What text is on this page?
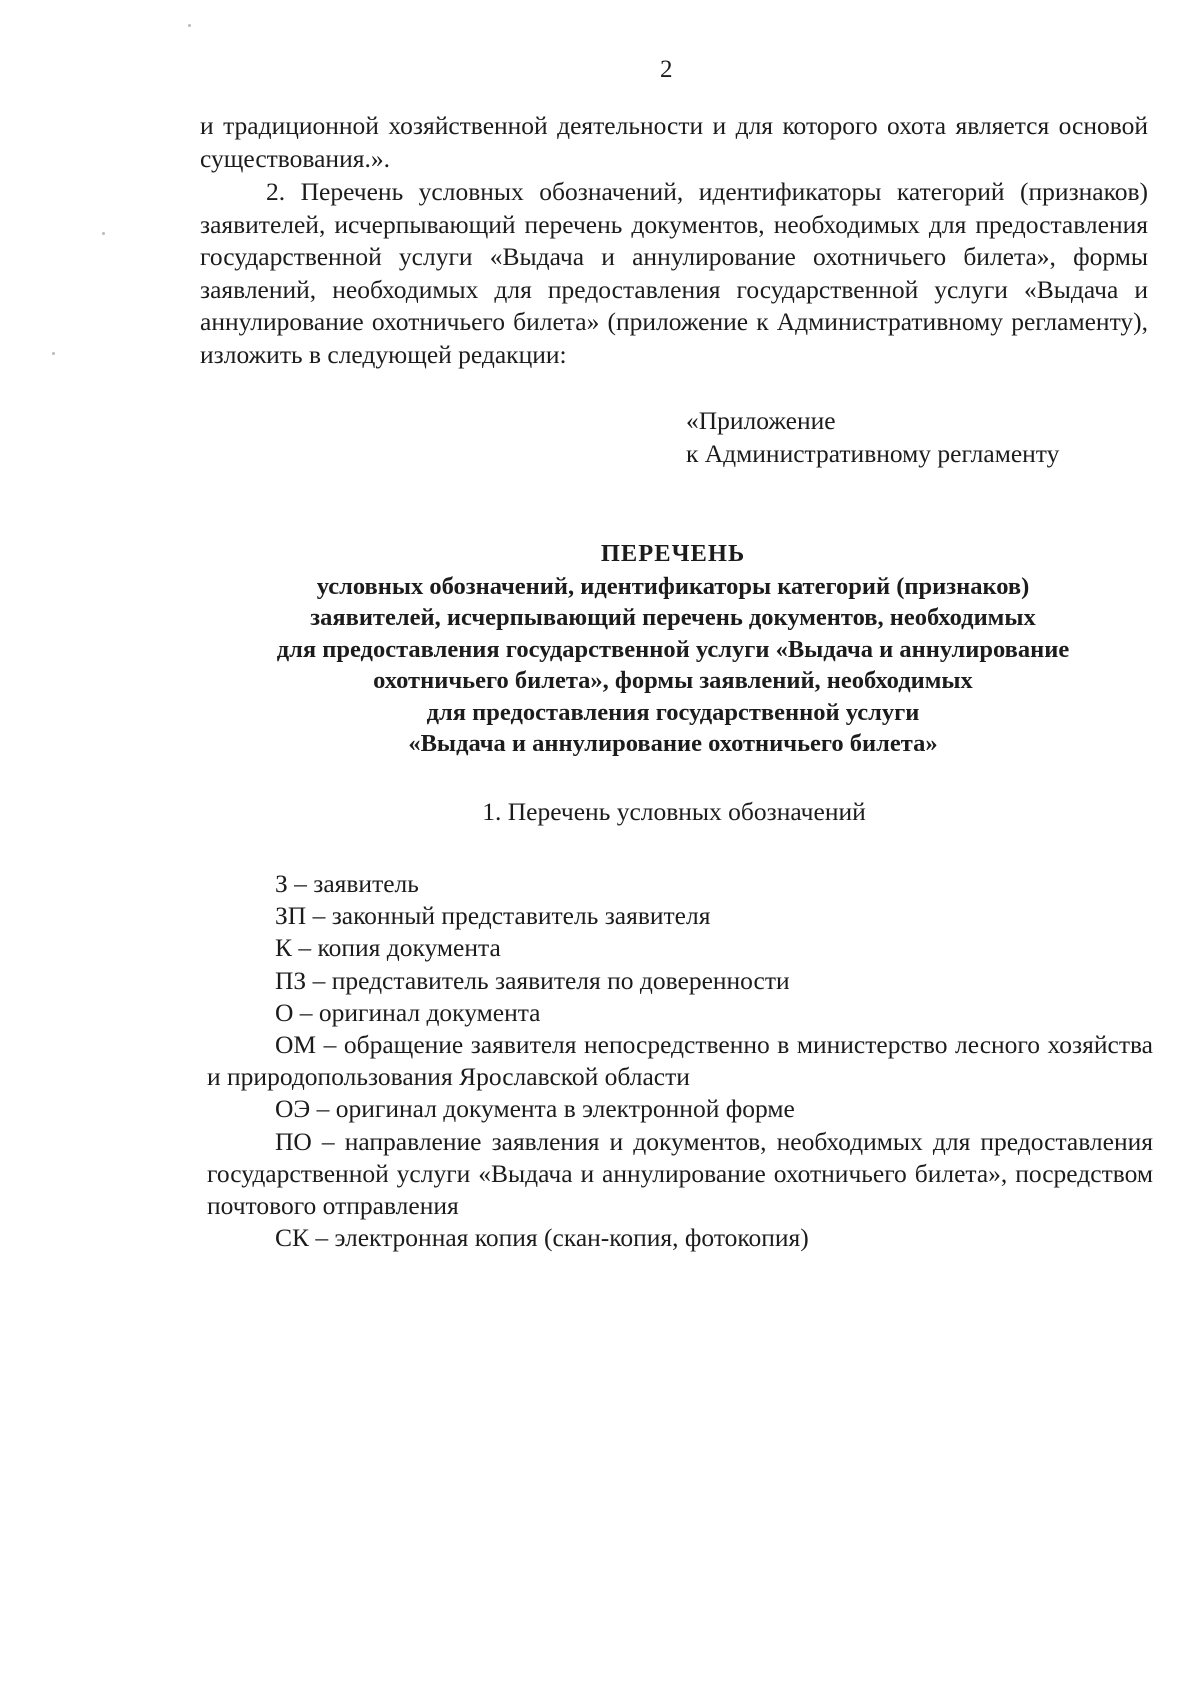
2
и традиционной хозяйственной деятельности и для которого охота является основой существования.».
2. Перечень условных обозначений, идентификаторы категорий (признаков) заявителей, исчерпывающий перечень документов, необходимых для предоставления государственной услуги «Выдача и аннулирование охотничьего билета», формы заявлений, необходимых для предоставления государственной услуги «Выдача и аннулирование охотничьего билета» (приложение к Административному регламенту), изложить в следующей редакции:
«Приложение
к Административному регламенту
ПЕРЕЧЕНЬ
условных обозначений, идентификаторы категорий (признаков)
заявителей, исчерпывающий перечень документов, необходимых
для предоставления государственной услуги «Выдача и аннулирование
охотничьего билета», формы заявлений, необходимых
для предоставления государственной услуги
«Выдача и аннулирование охотничьего билета»
1. Перечень условных обозначений

З – заявитель

ЗП – законный представитель заявителя

К – копия документа

ПЗ – представитель заявителя по доверенности

О – оригинал документа

ОМ – обращение заявителя непосредственно в министерство лесного хозяйства и природопользования Ярославской области

ОЭ – оригинал документа в электронной форме

ПО – направление заявления и документов, необходимых для предоставления государственной услуги «Выдача и аннулирование охотничьего билета», посредством почтового отправления

СК – электронная копия (скан-копия, фотокопия)
